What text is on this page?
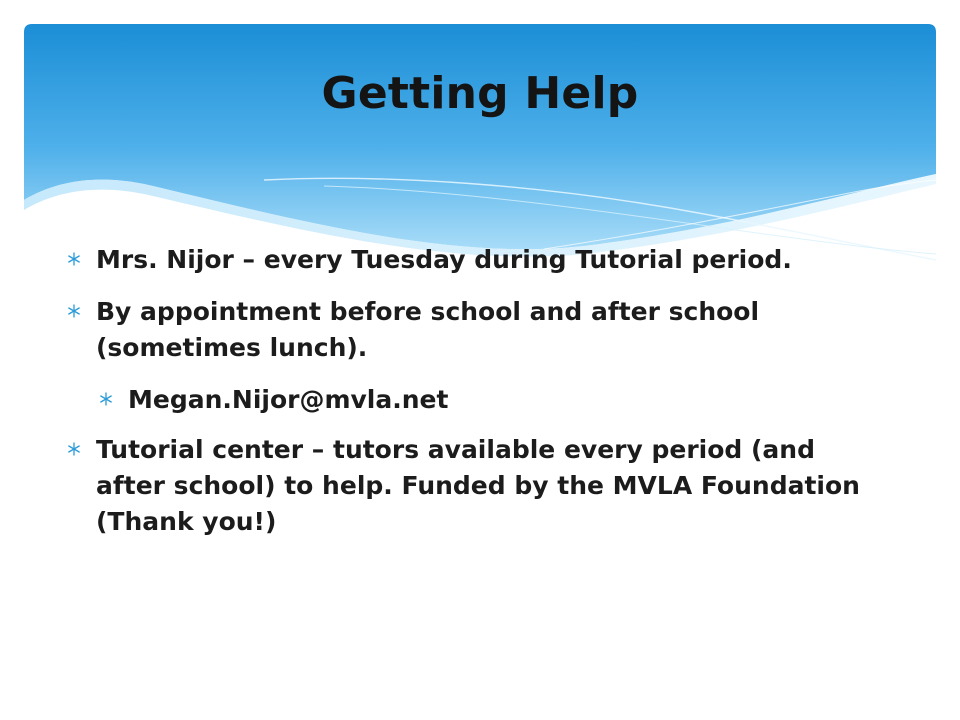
Getting Help
Mrs. Nijor – every Tuesday during Tutorial period.
By appointment before school and after school (sometimes lunch).
Megan.Nijor@mvla.net
Tutorial center – tutors available every period (and after school) to help. Funded by the MVLA Foundation (Thank you!)
